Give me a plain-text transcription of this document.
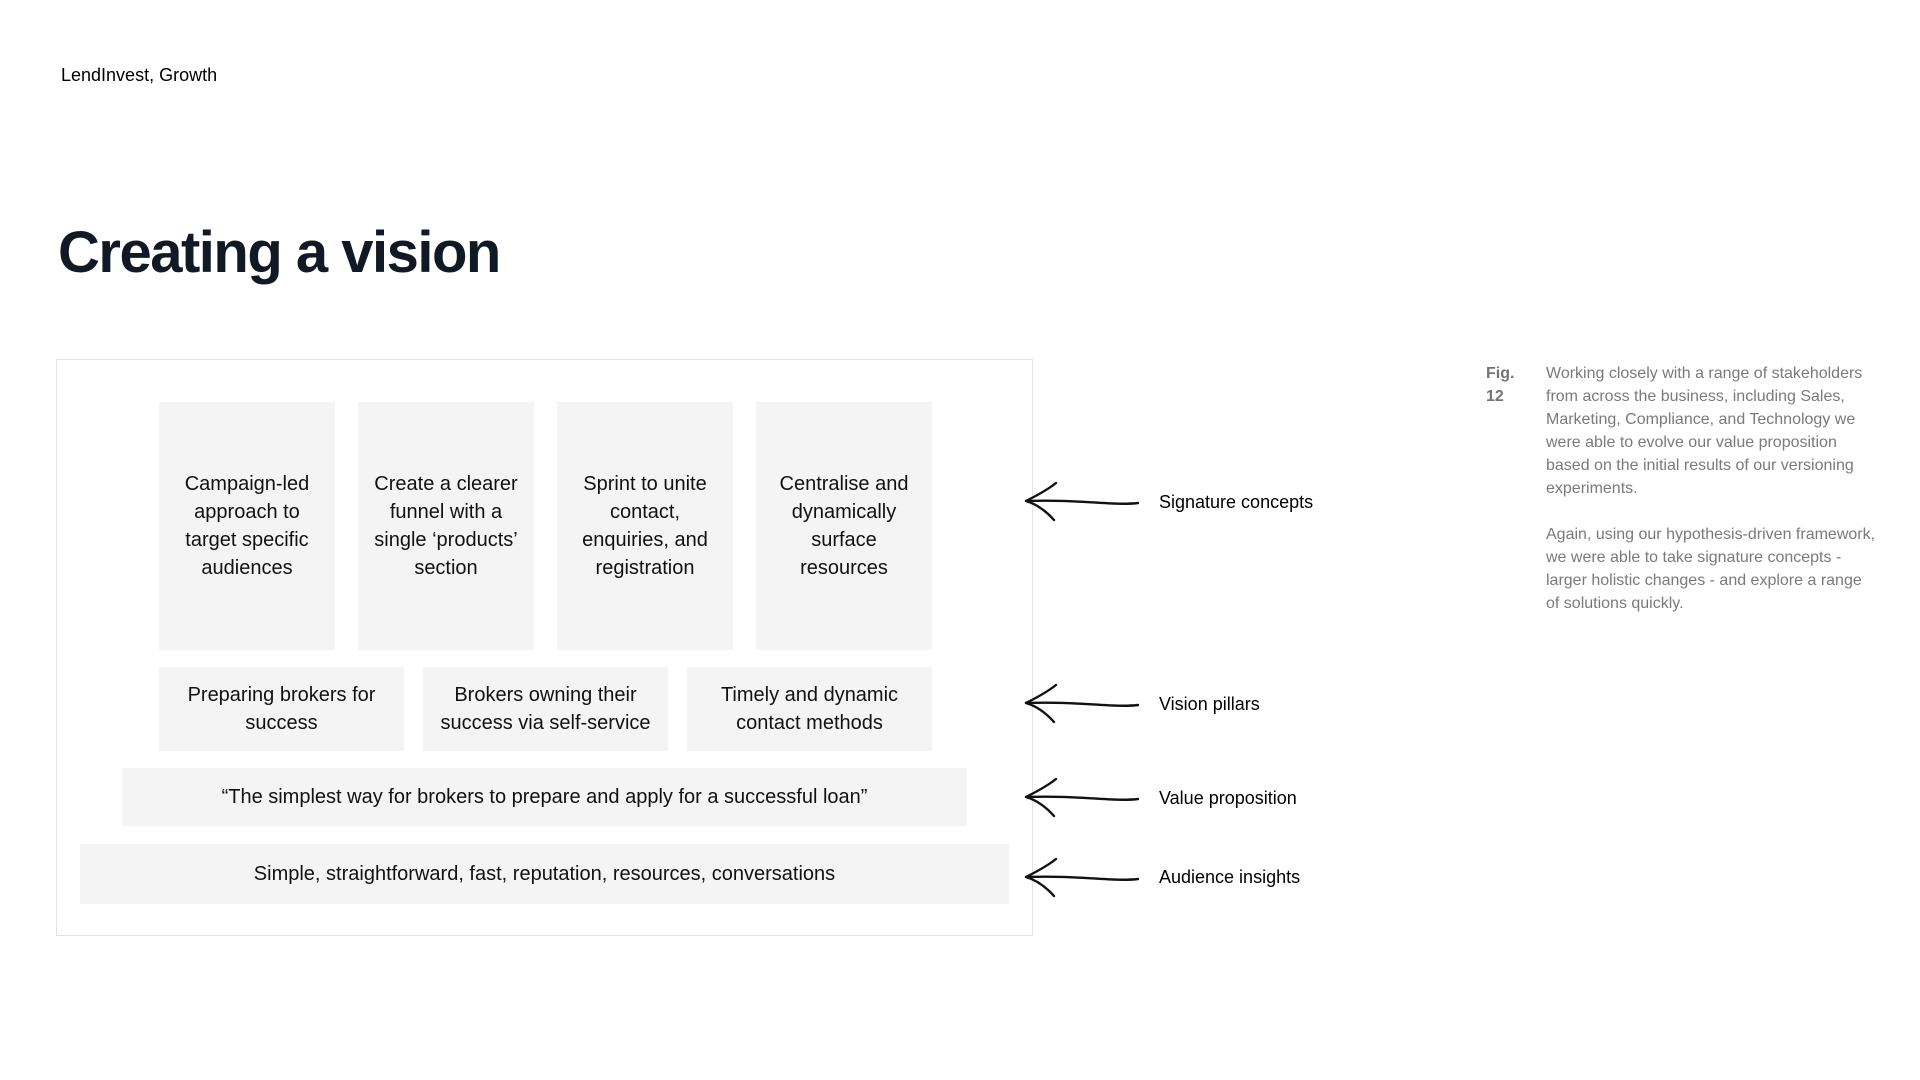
LendInvest, Growth
Creating a vision
Campaign-led approach to target specific audiences
Create a clearer funnel with a single ‘products’ section
Sprint to unite contact, enquiries, and registration
Centralise and dynamically surface resources
Preparing brokers for success
Brokers owning their success via self-service
Timely and dynamic contact methods
“The simplest way for brokers to prepare and apply for a successful loan”
Simple, straightforward, fast, reputation, resources, conversations
Signature concepts
Vision pillars
Value proposition
Audience insights
Fig.
12

Working closely with a range of stakeholders from across the business, including Sales, Marketing, Compliance, and Technology we were able to evolve our value proposition based on the initial results of our versioning experiments.

Again, using our hypothesis-driven framework, we were able to take signature concepts - larger holistic changes - and explore a range of solutions quickly.
